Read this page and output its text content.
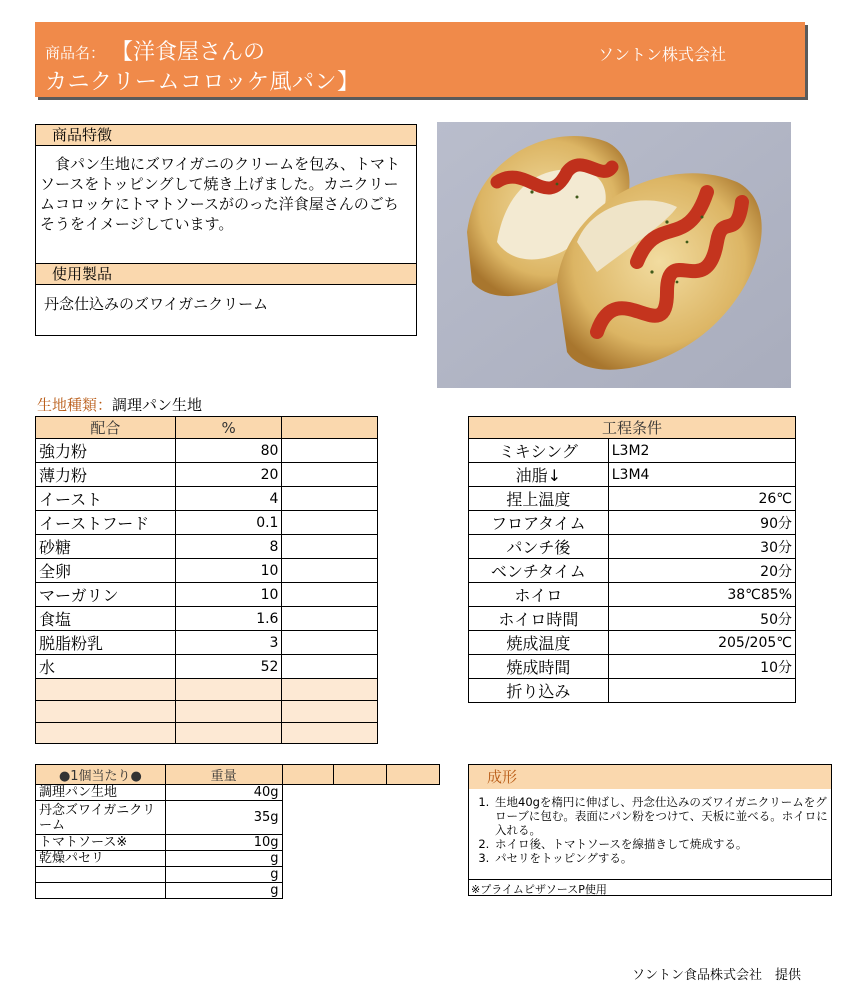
商品名： 【洋食屋さんの
カニクリームコロッケ風パン】
ソントン株式会社
商品特徴
食パン生地にズワイガニのクリームを包み、トマトソースをトッピングして焼き上げました。カニクリームコロッケにトマトソースがのった洋食屋さんのごちそうをイメージしています。
使用製品
丹念仕込みのズワイガニクリーム
生地種類：調理パン生地
配合	%	
強力粉	80	
薄力粉	20	
イースト	4	
イーストフード	0.1	
砂糖	8	
全卵	10	
マーガリン	10	
食塩	1.6	
脱脂粉乳	3	
水	52	

工程条件	
ミキシング	L3M2
油脂↓	L3M4
捏上温度	26℃
フロアタイム	90分
パンチ後	30分
ベンチタイム	20分
ホイロ	38℃85%
ホイロ時間	50分
焼成温度	205/205℃
焼成時間	10分
折り込み	
●1個当たり●	重量			
調理パン生地	40g			
丹念ズワイガニクリーム	35g			
トマトソース※	10g			
乾燥パセリ	g			
	g			
	g			
成形
1. 生地40gを楕円に伸ばし、丹念仕込みのズワイガニクリームをグローブに包む。表面にパン粉をつけて、天板に並べる。ホイロに入れる。
2. ホイロ後、トマトソースを線描きして焼成する。
3. パセリをトッピングする。
※プライムピザソースP使用
ソントン食品株式会社　提供
